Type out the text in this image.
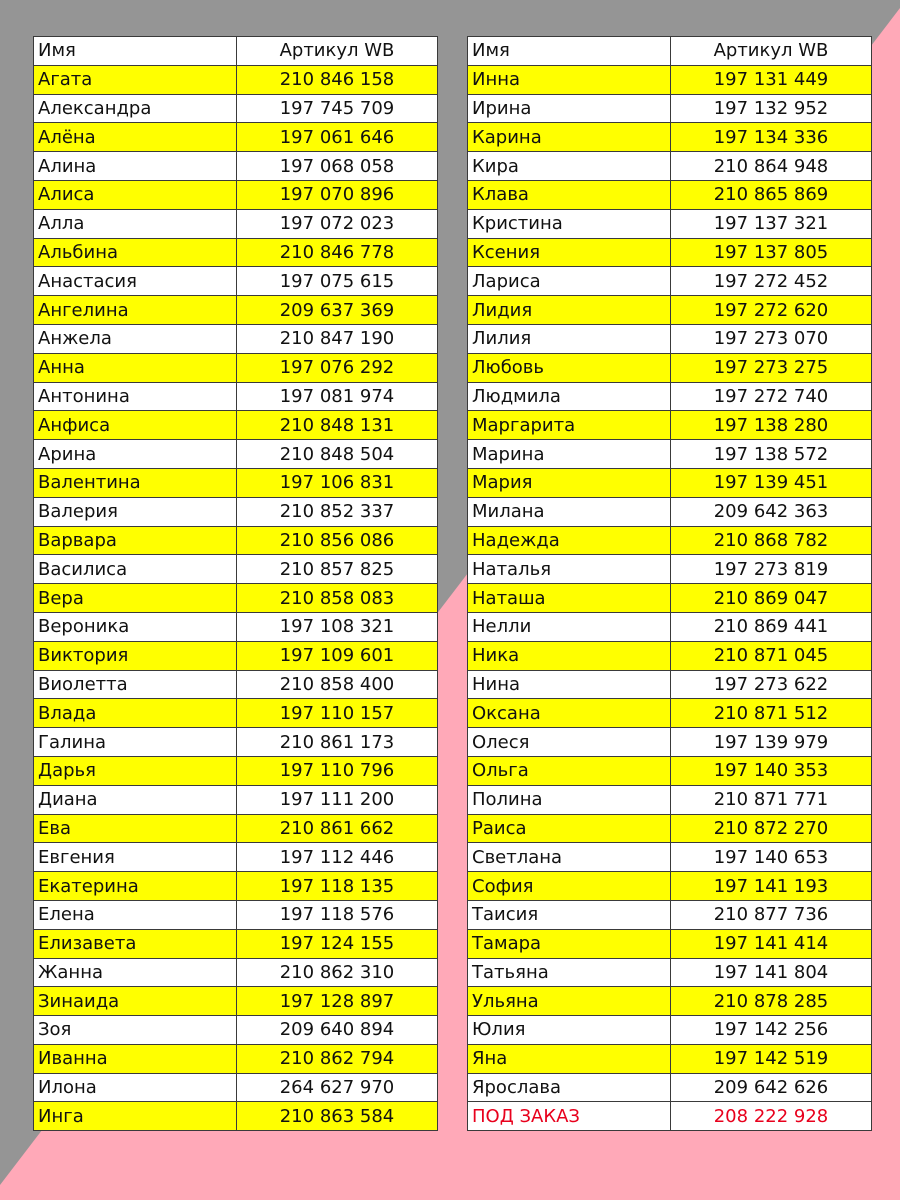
Имя	Артикул WB
Агата	210 846 158
Александра	197 745 709
Алёна	197 061 646
Алина	197 068 058
Алиса	197 070 896
Алла	197 072 023
Альбина	210 846 778
Анастасия	197 075 615
Ангелина	209 637 369
Анжела	210 847 190
Анна	197 076 292
Антонина	197 081 974
Анфиса	210 848 131
Арина	210 848 504
Валентина	197 106 831
Валерия	210 852 337
Варвара	210 856 086
Василиса	210 857 825
Вера	210 858 083
Вероника	197 108 321
Виктория	197 109 601
Виолетта	210 858 400
Влада	197 110 157
Галина	210 861 173
Дарья	197 110 796
Диана	197 111 200
Ева	210 861 662
Евгения	197 112 446
Екатерина	197 118 135
Елена	197 118 576
Елизавета	197 124 155
Жанна	210 862 310
Зинаида	197 128 897
Зоя	209 640 894
Иванна	210 862 794
Илона	264 627 970
Инга	210 863 584
Имя	Артикул WB
Инна	197 131 449
Ирина	197 132 952
Карина	197 134 336
Кира	210 864 948
Клава	210 865 869
Кристина	197 137 321
Ксения	197 137 805
Лариса	197 272 452
Лидия	197 272 620
Лилия	197 273 070
Любовь	197 273 275
Людмила	197 272 740
Маргарита	197 138 280
Марина	197 138 572
Мария	197 139 451
Милана	209 642 363
Надежда	210 868 782
Наталья	197 273 819
Наташа	210 869 047
Нелли	210 869 441
Ника	210 871 045
Нина	197 273 622
Оксана	210 871 512
Олеся	197 139 979
Ольга	197 140 353
Полина	210 871 771
Раиса	210 872 270
Светлана	197 140 653
София	197 141 193
Таисия	210 877 736
Тамара	197 141 414
Татьяна	197 141 804
Ульяна	210 878 285
Юлия	197 142 256
Яна	197 142 519
Ярослава	209 642 626
ПОД ЗАКАЗ	208 222 928
